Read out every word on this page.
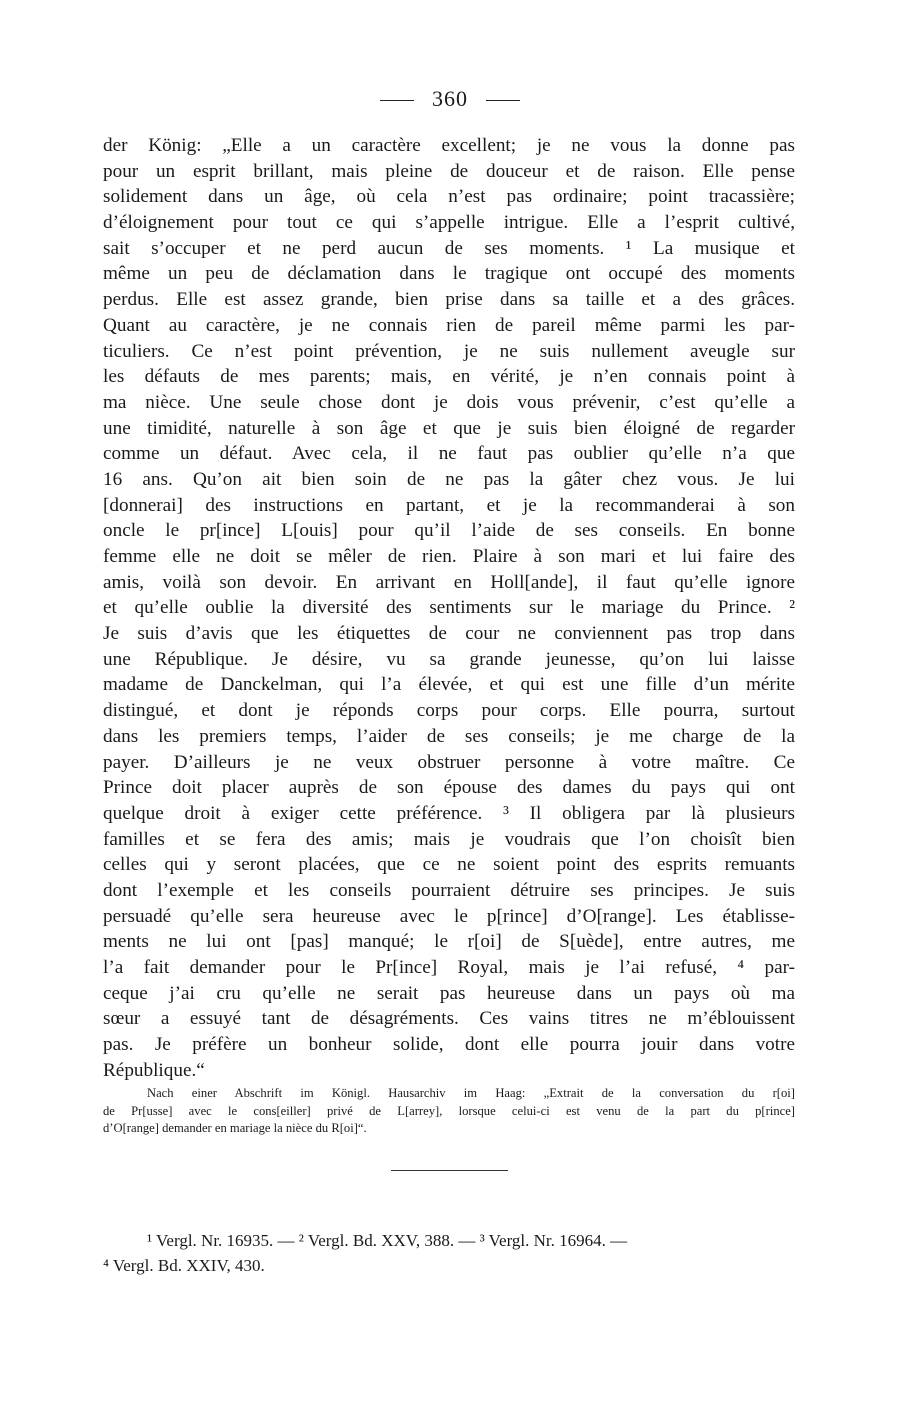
360
der König: „Elle a un caractère excellent; je ne vous la donne pas
pour un esprit brillant, mais pleine de douceur et de raison. Elle pense
solidement dans un âge, où cela n’est pas ordinaire; point tracassière;
d’éloignement pour tout ce qui s’appelle intrigue. Elle a l’esprit cultivé,
sait s’occuper et ne perd aucun de ses moments. ¹ La musique et
même un peu de déclamation dans le tragique ont occupé des moments
perdus. Elle est assez grande, bien prise dans sa taille et a des grâces.
Quant au caractère, je ne connais rien de pareil même parmi les par-
ticuliers. Ce n’est point prévention, je ne suis nullement aveugle sur
les défauts de mes parents; mais, en vérité, je n’en connais point à
ma nièce. Une seule chose dont je dois vous prévenir, c’est qu’elle a
une timidité, naturelle à son âge et que je suis bien éloigné de regarder
comme un défaut. Avec cela, il ne faut pas oublier qu’elle n’a que
16 ans. Qu’on ait bien soin de ne pas la gâter chez vous. Je lui
[donnerai] des instructions en partant, et je la recommanderai à son
oncle le pr[ince] L[ouis] pour qu’il l’aide de ses conseils. En bonne
femme elle ne doit se mêler de rien. Plaire à son mari et lui faire des
amis, voilà son devoir. En arrivant en Holl[ande], il faut qu’elle ignore
et qu’elle oublie la diversité des sentiments sur le mariage du Prince. ²
Je suis d’avis que les étiquettes de cour ne conviennent pas trop dans
une République. Je désire, vu sa grande jeunesse, qu’on lui laisse
madame de Danckelman, qui l’a élevée, et qui est une fille d’un mérite
distingué, et dont je réponds corps pour corps. Elle pourra, surtout
dans les premiers temps, l’aider de ses conseils; je me charge de la
payer. D’ailleurs je ne veux obstruer personne à votre maître. Ce
Prince doit placer auprès de son épouse des dames du pays qui ont
quelque droit à exiger cette préférence. ³ Il obligera par là plusieurs
familles et se fera des amis; mais je voudrais que l’on choisît bien
celles qui y seront placées, que ce ne soient point des esprits remuants
dont l’exemple et les conseils pourraient détruire ses principes. Je suis
persuadé qu’elle sera heureuse avec le p[rince] d’O[range]. Les établisse-
ments ne lui ont [pas] manqué; le r[oi] de S[uède], entre autres, me
l’a fait demander pour le Pr[ince] Royal, mais je l’ai refusé, ⁴ par-
ceque j’ai cru qu’elle ne serait pas heureuse dans un pays où ma
sœur a essuyé tant de désagréments. Ces vains titres ne m’éblouissent
pas. Je préfère un bonheur solide, dont elle pourra jouir dans votre
République.“
Nach einer Abschrift im Königl. Hausarchiv im Haag: „Extrait de la conversation du r[oi]
de Pr[usse] avec le cons[eiller] privé de L[arrey], lorsque celui-ci est venu de la part du p[rince]
d’O[range] demander en mariage la nièce du R[oi]“.
¹ Vergl. Nr. 16935. — ² Vergl. Bd. XXV, 388. — ³ Vergl. Nr. 16964. —
⁴ Vergl. Bd. XXIV, 430.
